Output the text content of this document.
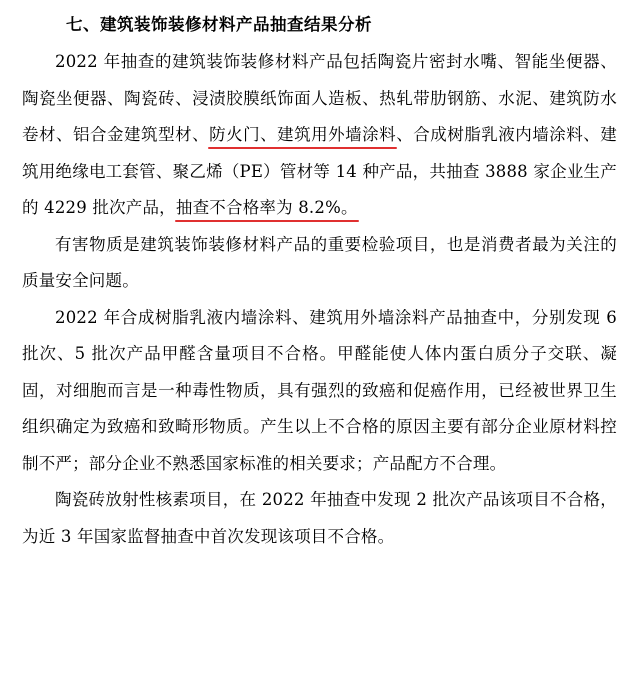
七、建筑装饰装修材料产品抽查结果分析

2022 年抽查的建筑装饰装修材料产品包括陶瓷片密封水嘴、智能坐便器、陶瓷坐便器、陶瓷砖、浸渍胶膜纸饰面人造板、热轧带肋钢筋、水泥、建筑防水卷材、铝合金建筑型材、防火门、建筑用外墙涂料、合成树脂乳液内墙涂料、建筑用绝缘电工套管、聚乙烯（PE）管材等 14 种产品，共抽查 3888 家企业生产的 4229 批次产品，抽查不合格率为 8.2%。

有害物质是建筑装饰装修材料产品的重要检验项目，也是消费者最为关注的质量安全问题。

2022 年合成树脂乳液内墙涂料、建筑用外墙涂料产品抽查中，分别发现 6 批次、5 批次产品甲醛含量项目不合格。甲醛能使人体内蛋白质分子交联、凝固，对细胞而言是一种毒性物质，具有强烈的致癌和促癌作用，已经被世界卫生组织确定为致癌和致畸形物质。产生以上不合格的原因主要有部分企业原材料控制不严；部分企业不熟悉国家标准的相关要求；产品配方不合理。

陶瓷砖放射性核素项目，在 2022 年抽查中发现 2 批次产品该项目不合格，为近 3 年国家监督抽查中首次发现该项目不合格。
